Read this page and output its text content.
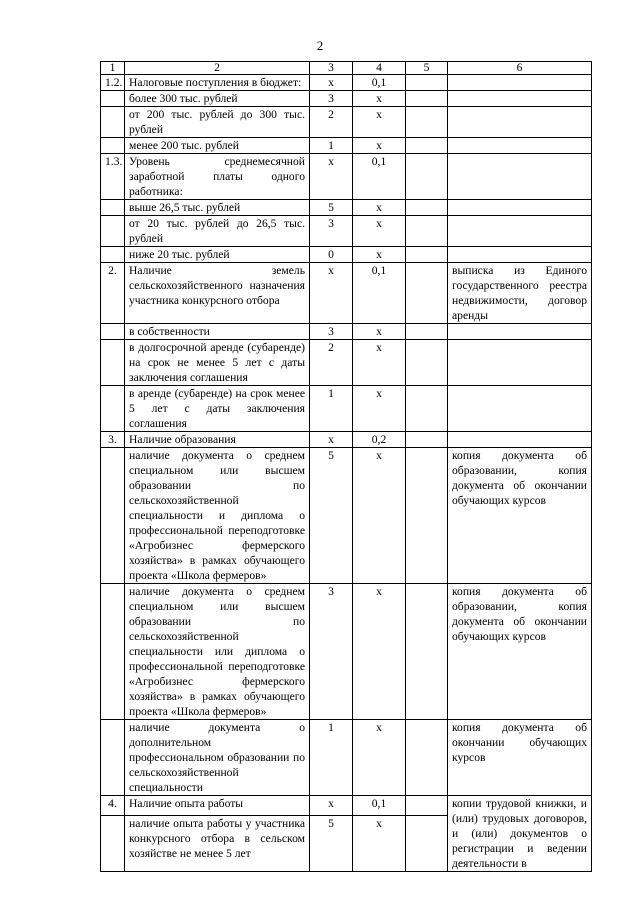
2
1	2	3	4	5	6
1.2.	Налоговые поступления в бюджет:	x	0,1		
	более 300 тыс. рублей	3	x		
	от 200 тыс. рублей до 300 тыс. рублей	2	x		
	менее 200 тыс. рублей	1	x		
1.3.	Уровень среднемесячной заработной платы одного работника:	x	0,1		
	выше 26,5 тыс. рублей	5	x		
	от 20 тыс. рублей до 26,5 тыс. рублей	3	x		
	ниже 20 тыс. рублей	0	x		
2.	Наличие земель сельскохозяйственного назначения участника конкурсного отбора	x	0,1		выписка из Единого государственного реестра недвижимости, договор аренды
	в собственности	3	x		
	в долгосрочной аренде (субаренде) на срок не менее 5 лет с даты заключения соглашения	2	x		
	в аренде (субаренде) на срок менее 5 лет с даты заключения соглашения	1	x		
3.	Наличие образования	x	0,2		
	наличие документа о среднем специальном или высшем образовании по сельскохозяйственной специальности и диплома о профессиональной переподготовке «Агробизнес фермерского хозяйства» в рамках обучающего проекта «Школа фермеров»	5	x		копия документа об образовании, копия документа об окончании обучающих курсов
	наличие документа о среднем специальном или высшем образовании по сельскохозяйственной специальности или диплома о профессиональной переподготовке «Агробизнес фермерского хозяйства» в рамках обучающего проекта «Школа фермеров»	3	x		копия документа об образовании, копия документа об окончании обучающих курсов
	наличие документа о дополнительном профессиональном образовании по сельскохозяйственной специальности	1	x		копия документа об окончании обучающих курсов
4.	Наличие опыта работы	x	0,1		копии трудовой книжки, и (или) трудовых договоров, и (или) документов о регистрации и ведении деятельности в
	наличие опыта работы у участника конкурсного отбора в сельском хозяйстве не менее 5 лет	5	x		
